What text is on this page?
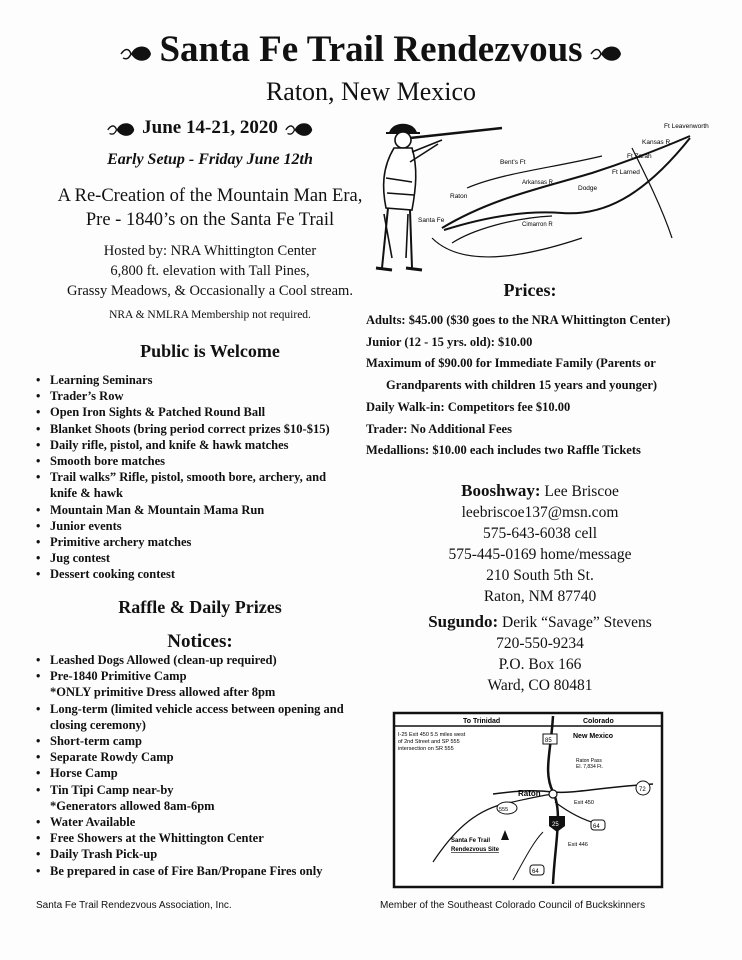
Santa Fe Trail Rendezvous
Raton, New Mexico
June 14-21, 2020
Early Setup - Friday June 12th
A Re-Creation of the Mountain Man Era,
Pre - 1840’s on the Santa Fe Trail
Hosted by: NRA Whittington Center
6,800 ft. elevation with Tall Pines,
Grassy Meadows, & Occasionally a Cool stream.
NRA & NMLRA Membership not required.
Ft Leavenworth
Kansas R
Bent’s Ft
Ft Larned
Ft Zarah
Dodge
Raton
Santa Fe
Arkansas R
Cimarron R
Public is Welcome
• Learning Seminars
• Trader’s Row
• Open Iron Sights & Patched Round Ball
• Blanket Shoots (bring period correct prizes $10-$15)
• Daily rifle, pistol, and knife & hawk matches
• Smooth bore matches
• Trail walks” Rifle, pistol, smooth bore, archery, and
knife & hawk
• Mountain Man & Mountain Mama Run
• Junior events
• Primitive archery matches
• Jug contest
• Dessert cooking contest
Raffle & Daily Prizes
Notices:
• Leashed Dogs Allowed (clean-up required)
• Pre-1840 Primitive Camp
*ONLY primitive Dress allowed after 8pm
• Long-term (limited vehicle access between opening and
closing ceremony)
• Short-term camp
• Separate Rowdy Camp
• Horse Camp
• Tin Tipi Camp near-by
*Generators allowed 8am-6pm
• Water Available
• Free Showers at the Whittington Center
• Daily Trash Pick-up
• Be prepared in case of Fire Ban/Propane Fires only
Prices:
Adults: $45.00 ($30 goes to the NRA Whittington Center)
Junior (12 - 15 yrs. old): $10.00
Maximum of $90.00 for Immediate Family (Parents or
Grandparents with children 15 years and younger)
Daily Walk-in: Competitors fee $10.00
Trader: No Additional Fees
Medallions: $10.00 each includes two Raffle Tickets
Booshway: Lee Briscoe
leebriscoe137@msn.com
575-643-6038 cell
575-445-0169 home/message
210 South 5th St.
Raton, NM 87740
Sugundo: Derik “Savage” Stevens
720-550-9234
P.O. Box 166
Ward, CO 80481
To Trinidad	Colorado
New Mexico
I-25 Exit 450 5.5 miles west
of 2nd Street and SP 555
intersection on SR 555
Raton
Raton Pass
El. 7,834 Ft.
Exit 450
Exit 446
Santa Fe Trail
Rendezvous Site
85
72
555
25	64
64
Santa Fe Trail Rendezvous Association, Inc.	Member of the Southeast Colorado Council of Buckskinners
